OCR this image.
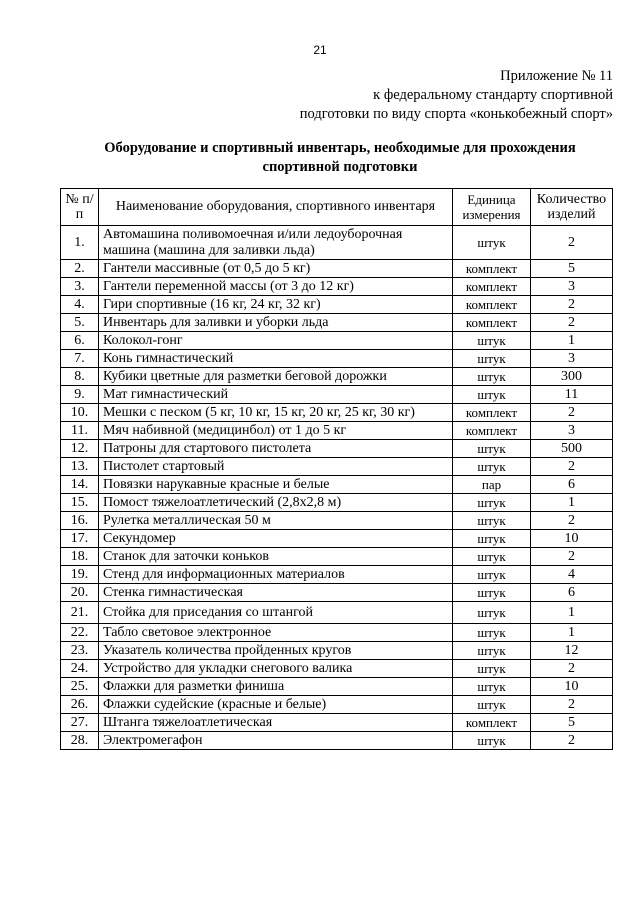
21
Приложение № 11
к федеральному стандарту спортивной
подготовки по виду спорта «конькобежный спорт»
Оборудование и спортивный инвентарь, необходимые для прохождения
спортивной подготовки
№ п/п	Наименование оборудования, спортивного инвентаря	Единица измерения	Количество изделий
1.	Автомашина поливомоечная и/или ледоуборочная машина (машина для заливки льда)	штук	2
2.	Гантели массивные (от 0,5 до 5 кг)	комплект	5
3.	Гантели переменной массы (от 3 до 12 кг)	комплект	3
4.	Гири спортивные (16 кг, 24 кг, 32 кг)	комплект	2
5.	Инвентарь для заливки и уборки льда	комплект	2
6.	Колокол-гонг	штук	1
7.	Конь гимнастический	штук	3
8.	Кубики цветные для разметки беговой дорожки	штук	300
9.	Мат гимнастический	штук	11
10.	Мешки с песком (5 кг, 10 кг, 15 кг, 20 кг, 25 кг, 30 кг)	комплект	2
11.	Мяч набивной (медицинбол) от 1 до 5 кг	комплект	3
12.	Патроны для стартового пистолета	штук	500
13.	Пистолет стартовый	штук	2
14.	Повязки нарукавные красные и белые	пар	6
15.	Помост тяжелоатлетический (2,8х2,8 м)	штук	1
16.	Рулетка металлическая 50 м	штук	2
17.	Секундомер	штук	10
18.	Станок для заточки коньков	штук	2
19.	Стенд для информационных материалов	штук	4
20.	Стенка гимнастическая	штук	6
21.	Стойка для приседания со штангой	штук	1
22.	Табло световое электронное	штук	1
23.	Указатель количества пройденных кругов	штук	12
24.	Устройство для укладки снегового валика	штук	2
25.	Флажки для разметки финиша	штук	10
26.	Флажки судейские (красные и белые)	штук	2
27.	Штанга тяжелоатлетическая	комплект	5
28.	Электромегафон	штук	2
